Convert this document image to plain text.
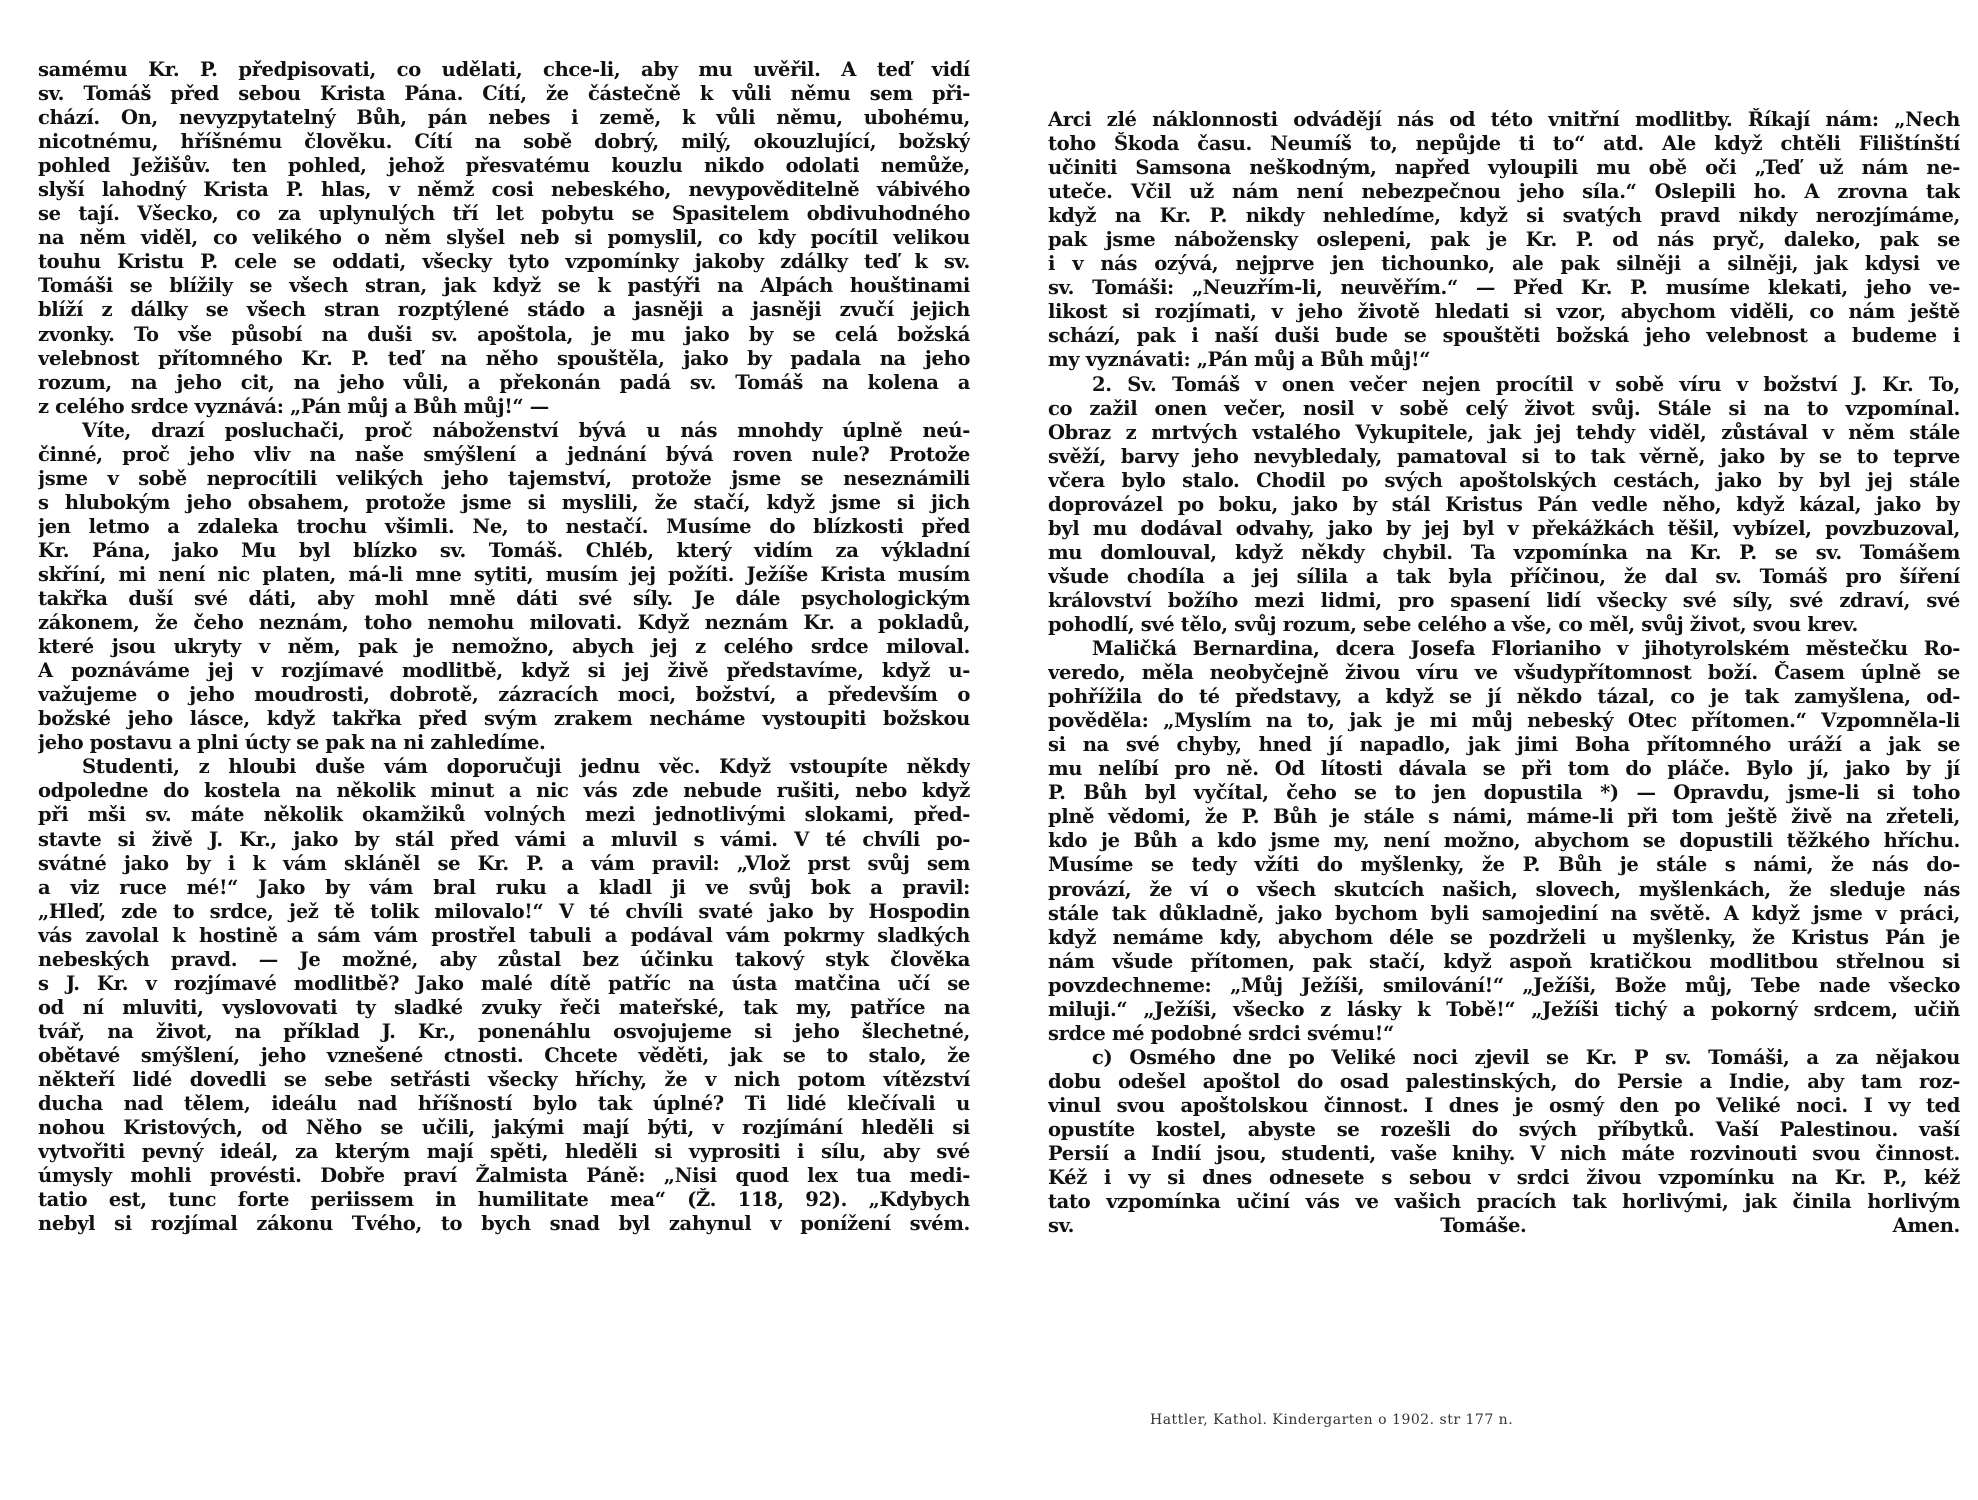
samému Kr. P. předpisovati, co udělati, chce-li, aby mu uvěřil. A teď vidí
sv. Tomáš před sebou Krista Pána. Cítí, že částečně k vůli němu sem při-
chází. On, nevyzpytatelný Bůh, pán nebes i země, k vůli němu, ubohému,
nicotnému, hříšnému člověku. Cítí na sobě dobrý, milý, okouzlující, božský
pohled Ježišův. ten pohled, jehož přesvatému kouzlu nikdo odolati nemůže,
slyší lahodný Krista P. hlas, v němž cosi nebeského, nevypověditelně vábivého
se tají. Všecko, co za uplynulých tří let pobytu se Spasitelem obdivuhodného
na něm viděl, co velikého o něm slyšel neb si pomyslil, co kdy pocítil velikou
touhu Kristu P. cele se oddati, všecky tyto vzpomínky jakoby zdálky teď k sv.
Tomáši se blížily se všech stran, jak když se k pastýři na Alpách houštinami
blíží z dálky se všech stran rozptýlené stádo a jasněji a jasněji zvučí jejich
zvonky. To vše působí na duši sv. apoštola, je mu jako by se celá božská
velebnost přítomného Kr. P. teď na něho spouštěla, jako by padala na jeho
rozum, na jeho cit, na jeho vůli, a překonán padá sv. Tomáš na kolena a
z celého srdce vyznává: „Pán můj a Bůh můj!“ —
Víte, drazí posluchači, proč náboženství bývá u nás mnohdy úplně neú-
činné, proč jeho vliv na naše smýšlení a jednání bývá roven nule? Protože
jsme v sobě neprocítili velikých jeho tajemství, protože jsme se neseznámili
s hlubokým jeho obsahem, protože jsme si myslili, že stačí, když jsme si jich
jen letmo a zdaleka trochu všimli. Ne, to nestačí. Musíme do blízkosti před
Kr. Pána, jako Mu byl blízko sv. Tomáš. Chléb, který vidím za výkladní
skříní, mi není nic platen, má-li mne sytiti, musím jej požíti. Ježíše Krista musím
takřka duší své dáti, aby mohl mně dáti své síly. Je dále psychologickým
zákonem, že čeho neznám, toho nemohu milovati. Když neznám Kr. a pokladů,
které jsou ukryty v něm, pak je nemožno, abych jej z celého srdce miloval.
A poznáváme jej v rozjímavé modlitbě, když si jej živě představíme, když u-
važujeme o jeho moudrosti, dobrotě, zázracích moci, božství, a především o
božské jeho lásce, když takřka před svým zrakem necháme vystoupiti božskou
jeho postavu a plni úcty se pak na ni zahledíme.
Studenti, z hloubi duše vám doporučuji jednu věc. Když vstoupíte někdy
odpoledne do kostela na několik minut a nic vás zde nebude rušiti, nebo když
při mši sv. máte několik okamžiků volných mezi jednotlivými slokami, před-
stavte si živě J. Kr., jako by stál před vámi a mluvil s vámi. V té chvíli po-
svátné jako by i k vám skláněl se Kr. P. a vám pravil: „Vlož prst svůj sem
a viz ruce mé!“ Jako by vám bral ruku a kladl ji ve svůj bok a pravil:
„Hleď, zde to srdce, jež tě tolik milovalo!“ V té chvíli svaté jako by Hospodin
vás zavolal k hostině a sám vám prostřel tabuli a podával vám pokrmy sladkých
nebeských pravd. — Je možné, aby zůstal bez účinku takový styk člověka
s J. Kr. v rozjímavé modlitbě? Jako malé dítě patříc na ústa matčina učí se
od ní mluviti, vyslovovati ty sladké zvuky řeči mateřské, tak my, patříce na
tvář, na život, na příklad J. Kr., ponenáhlu osvojujeme si jeho šlechetné,
obětavé smýšlení, jeho vznešené ctnosti. Chcete věděti, jak se to stalo, že
někteří lidé dovedli se sebe setřásti všecky hříchy, že v nich potom vítězství
ducha nad tělem, ideálu nad hříšností bylo tak úplné? Ti lidé klečívali u
nohou Kristových, od Něho se učili, jakými mají býti, v rozjímání hleděli si
vytvořiti pevný ideál, za kterým mají spěti, hleděli si vyprositi i sílu, aby své
úmysly mohli provésti. Dobře praví Žalmista Páně: „Nisi quod lex tua medi-
tatio est, tunc forte periissem in humilitate mea“ (Ž. 118, 92). „Kdybych
nebyl si rozjímal zákonu Tvého, to bych snad byl zahynul v ponížení svém.
Arci zlé náklonnosti odvádějí nás od této vnitřní modlitby. Říkají nám: „Nech
toho Škoda času. Neumíš to, nepůjde ti to“ atd. Ale když chtěli Filištínští
učiniti Samsona neškodným, napřed vyloupili mu obě oči „Teď už nám ne-
uteče. Včil už nám není nebezpečnou jeho síla.“ Oslepili ho. A zrovna tak
když na Kr. P. nikdy nehledíme, když si svatých pravd nikdy nerozjímáme,
pak jsme nábožensky oslepeni, pak je Kr. P. od nás pryč, daleko, pak se
i v nás ozývá, nejprve jen tichounko, ale pak silněji a silněji, jak kdysi ve
sv. Tomáši: „Neuzřím-li, neuvěřím.“ — Před Kr. P. musíme klekati, jeho ve-
likost si rozjímati, v jeho životě hledati si vzor, abychom viděli, co nám ještě
schází, pak i naší duši bude se spouštěti božská jeho velebnost a budeme i
my vyznávati: „Pán můj a Bůh můj!“
2. Sv. Tomáš v onen večer nejen procítil v sobě víru v božství J. Kr. To,
co zažil onen večer, nosil v sobě celý život svůj. Stále si na to vzpomínal.
Obraz z mrtvých vstalého Vykupitele, jak jej tehdy viděl, zůstával v něm stále
svěží, barvy jeho nevybledaly, pamatoval si to tak věrně, jako by se to teprve
včera bylo stalo. Chodil po svých apoštolských cestách, jako by byl jej stále
doprovázel po boku, jako by stál Kristus Pán vedle něho, když kázal, jako by
byl mu dodával odvahy, jako by jej byl v překážkách těšil, vybízel, povzbuzoval,
mu domlouval, když někdy chybil. Ta vzpomínka na Kr. P. se sv. Tomášem
všude chodíla a jej sílila a tak byla příčinou, že dal sv. Tomáš pro šíření
království božího mezi lidmi, pro spasení lidí všecky své síly, své zdraví, své
pohodlí, své tělo, svůj rozum, sebe celého a vše, co měl, svůj život, svou krev.
Maličká Bernardina, dcera Josefa Florianiho v jihotyrolském městečku Ro-
veredo, měla neobyčejně živou víru ve všudypřítomnost boží. Časem úplně se
pohřížila do té představy, a když se jí někdo tázal, co je tak zamyšlena, od-
pověděla: „Myslím na to, jak je mi můj nebeský Otec přítomen.“ Vzpomněla-li
si na své chyby, hned jí napadlo, jak jimi Boha přítomného uráží a jak se
mu nelíbí pro ně. Od lítosti dávala se při tom do pláče. Bylo jí, jako by jí
P. Bůh byl vyčítal, čeho se to jen dopustila *) — Opravdu, jsme-li si toho
plně vědomi, že P. Bůh je stále s námi, máme-li při tom ještě živě na zřeteli,
kdo je Bůh a kdo jsme my, není možno, abychom se dopustili těžkého hříchu.
Musíme se tedy vžíti do myšlenky, že P. Bůh je stále s námi, že nás do-
provází, že ví o všech skutcích našich, slovech, myšlenkách, že sleduje nás
stále tak důkladně, jako bychom byli samojediní na světě. A když jsme v práci,
když nemáme kdy, abychom déle se pozdrželi u myšlenky, že Kristus Pán je
nám všude přítomen, pak stačí, když aspoň kratičkou modlitbou střelnou si
povzdechneme: „Můj Ježíši, smilování!“ „Ježíši, Bože můj, Tebe nade všecko
miluji.“ „Ježíši, všecko z lásky k Tobě!“ „Ježíši tichý a pokorný srdcem, učiň
srdce mé podobné srdci svému!“
c) Osmého dne po Veliké noci zjevil se Kr. P sv. Tomáši, a za nějakou
dobu odešel apoštol do osad palestinských, do Persie a Indie, aby tam roz-
vinul svou apoštolskou činnost. I dnes je osmý den po Veliké noci. I vy teď
opustíte kostel, abyste se rozešli do svých příbytků. Vaší Palestinou. vaší
Persií a Indií jsou, studenti, vaše knihy. V nich máte rozvinouti svou činnost.
Kéž i vy si dnes odnesete s sebou v srdci živou vzpomínku na Kr. P., kéž
tato vzpomínka učiní vás ve vašich pracích tak horlivými, jak činila horlivým
sv. Tomáše. Amen.
Hattler, Kathol. Kindergarten o 1902. str 177 n.
